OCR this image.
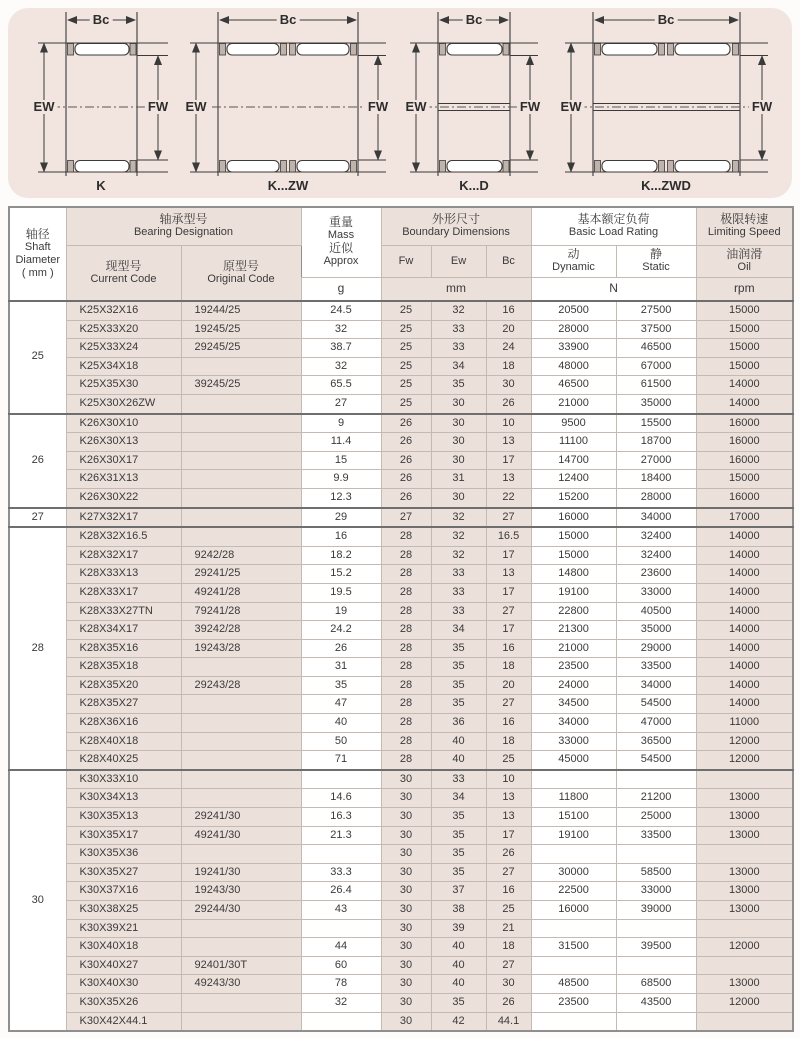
Bc	Bc	Bc	Bc
EW	EW	EW	EW
FW	FW	FW	FW
K	K...ZW	K...D	K...ZWD
轴径
Shaft
Diameter
( mm )

轴承型号
Bearing Designation

重量
Mass
近似
Approx

外形尺寸
Boundary Dimensions

基本额定负荷
Basic Load Rating

极限转速
Limiting Speed

现型号
Current Code

原型号
Original Code

Fw	Ew	Bc	动
Dynamic

静
Static

油润滑
Oil

			g	mm			N		rpm
25	K25X32X16	19244/25	24.5	25	32	16	20500	27500	15000
	K25X33X20	19245/25	32	25	33	20	28000	37500	15000
	K25X33X24	29245/25	38.7	25	33	24	33900	46500	15000
	K25X34X18		32	25	34	18	48000	67000	15000
	K25X35X30	39245/25	65.5	25	35	30	46500	61500	14000
	K25X30X26ZW		27	25	30	26	21000	35000	14000
26	K26X30X10		9	26	30	10	9500	15500	16000
	K26X30X13		11.4	26	30	13	11100	18700	16000
	K26X30X17		15	26	30	17	14700	27000	16000
	K26X31X13		9.9	26	31	13	12400	18400	15000
	K26X30X22		12.3	26	30	22	15200	28000	16000
27	K27X32X17		29	27	32	27	16000	34000	17000
28	K28X32X16.5		16	28	32	16.5	15000	32400	14000
	K28X32X17	9242/28	18.2	28	32	17	15000	32400	14000
	K28X33X13	29241/25	15.2	28	33	13	14800	23600	14000
	K28X33X17	49241/28	19.5	28	33	17	19100	33000	14000
	K28X33X27TN	79241/28	19	28	33	27	22800	40500	14000
	K28X34X17	39242/28	24.2	28	34	17	21300	35000	14000
	K28X35X16	19243/28	26	28	35	16	21000	29000	14000
	K28X35X18		31	28	35	18	23500	33500	14000
	K28X35X20	29243/28	35	28	35	20	24000	34000	14000
	K28X35X27		47	28	35	27	34500	54500	14000
	K28X36X16		40	28	36	16	34000	47000	11000
	K28X40X18		50	28	40	18	33000	36500	12000
	K28X40X25		71	28	40	25	45000	54500	12000
30	K30X33X10			30	33	10			
	K30X34X13		14.6	30	34	13	11800	21200	13000
	K30X35X13	29241/30	16.3	30	35	13	15100	25000	13000
	K30X35X17	49241/30	21.3	30	35	17	19100	33500	13000
	K30X35X36			30	35	26			
	K30X35X27	19241/30	33.3	30	35	27	30000	58500	13000
	K30X37X16	19243/30	26.4	30	37	16	22500	33000	13000
	K30X38X25	29244/30	43	30	38	25	16000	39000	13000
	K30X39X21			30	39	21			
	K30X40X18		44	30	40	18	31500	39500	12000
	K30X40X27	92401/30T	60	30	40	27			
	K30X40X30	49243/30	78	30	40	30	48500	68500	13000
	K30X35X26		32	30	35	26	23500	43500	12000
	K30X42X44.1			30	42	44.1			
